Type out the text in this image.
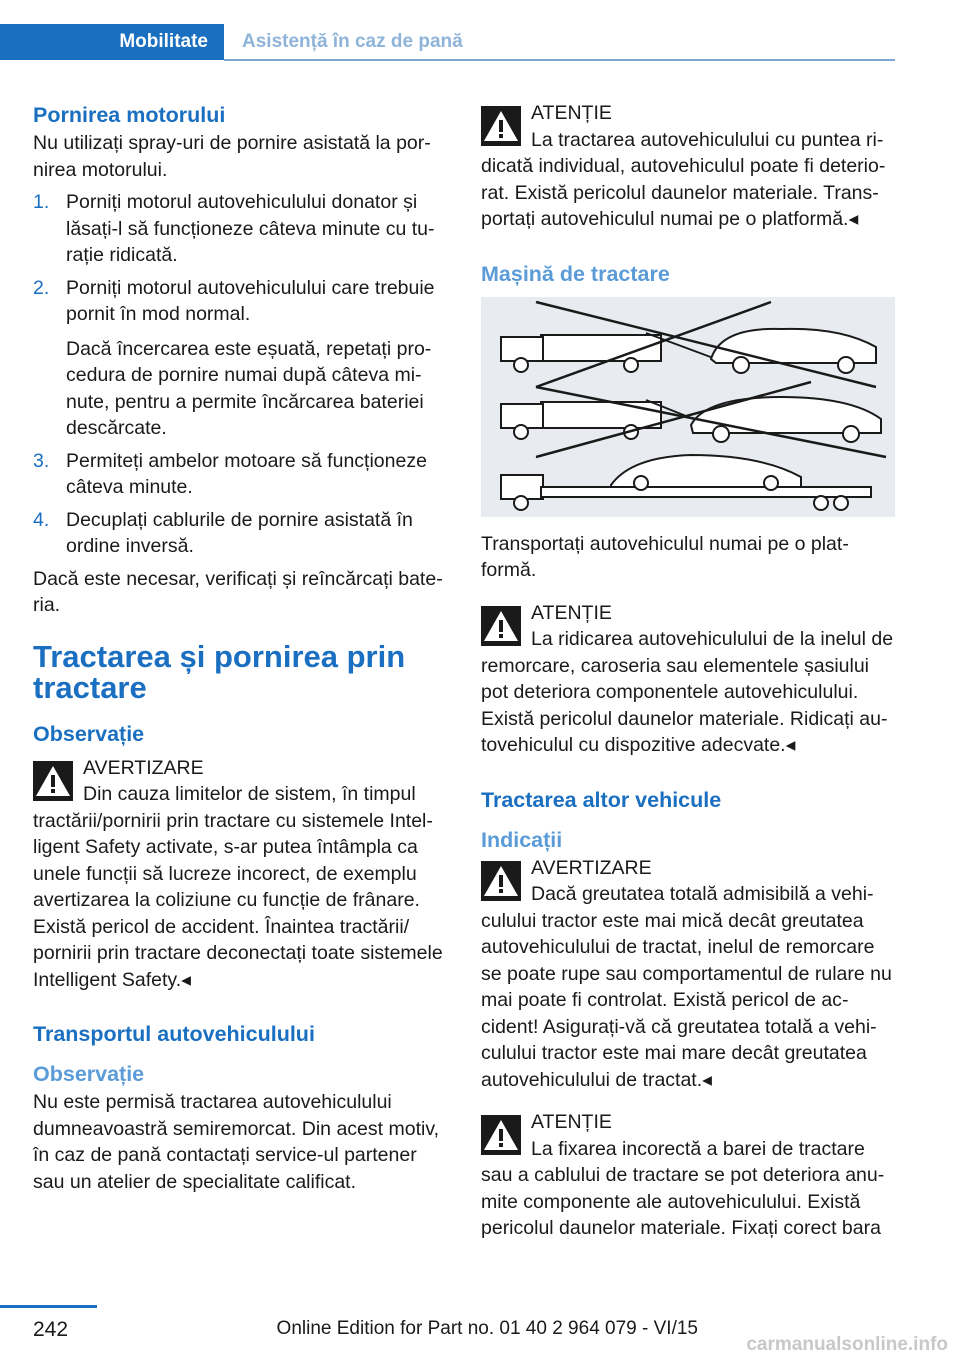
Mobilitate	Asistență în caz de pană
Pornirea motorului

Nu utilizați spray-uri de pornire asistată la pornirea motorului.

1. Porniți motorul autovehiculului donator și lăsați-l să funcționeze câteva minute cu turație ridicată.

2. Porniți motorul autovehiculului care trebuie pornit în mod normal.

Dacă încercarea este eșuată, repetați procedura de pornire numai după câteva minute, pentru a permite încărcarea bateriei descărcate.

3. Permiteți ambelor motoare să funcționeze câteva minute.

4. Decuplați cablurile de pornire asistată în ordine inversă.

Dacă este necesar, verificați și reîncărcați bateria.

Tractarea și pornirea prin tractare
Observație
AVERTIZARE

Din cauza limitelor de sistem, în timpul tractării/pornirii prin tractare cu sistemele Intelligent Safety activate, s-ar putea întâmpla ca unele funcții să lucreze incorect, de exemplu avertizarea la coliziune cu funcție de frânare. Există pericol de accident. Înaintea tractării/ pornirii prin tractare deconectați toate sistemele Intelligent Safety.◂

Transportul autovehiculului
Observație

Nu este permisă tractarea autovehiculului dumneavoastră semiremorcat. Din acest motiv, în caz de pană contactați service-ul partener sau un atelier de specialitate calificat.

ATENȚIE

La tractarea autovehiculului cu puntea ridicată individual, autovehiculul poate fi deteriorat. Există pericolul daunelor materiale. Transportați autovehiculul numai pe o platformă.◂

Mașină de tractare

Transportați autovehiculul numai pe o platformă.

ATENȚIE

La ridicarea autovehiculului de la inelul de remorcare, caroseria sau elementele șasiului pot deteriora componentele autovehiculului. Există pericolul daunelor materiale. Ridicați autovehiculul cu dispozitive adecvate.◂

Tractarea altor vehicule
Indicații
AVERTIZARE

Dacă greutatea totală admisibilă a vehiculului tractor este mai mică decât greutatea autovehiculului de tractat, inelul de remorcare se poate rupe sau comportamentul de rulare nu mai poate fi controlat. Există pericol de accident! Asigurați-vă că greutatea totală a vehiculului tractor este mai mare decât greutatea autovehiculului de tractat.◂

ATENȚIE

La fixarea incorectă a barei de tractare sau a cablului de tractare se pot deteriora anumite componente ale autovehiculului. Există pericolul daunelor materiale. Fixați corect bara

242	Online Edition for Part no. 01 40 2 964 079 - VI/15
carmanualsonline.info
